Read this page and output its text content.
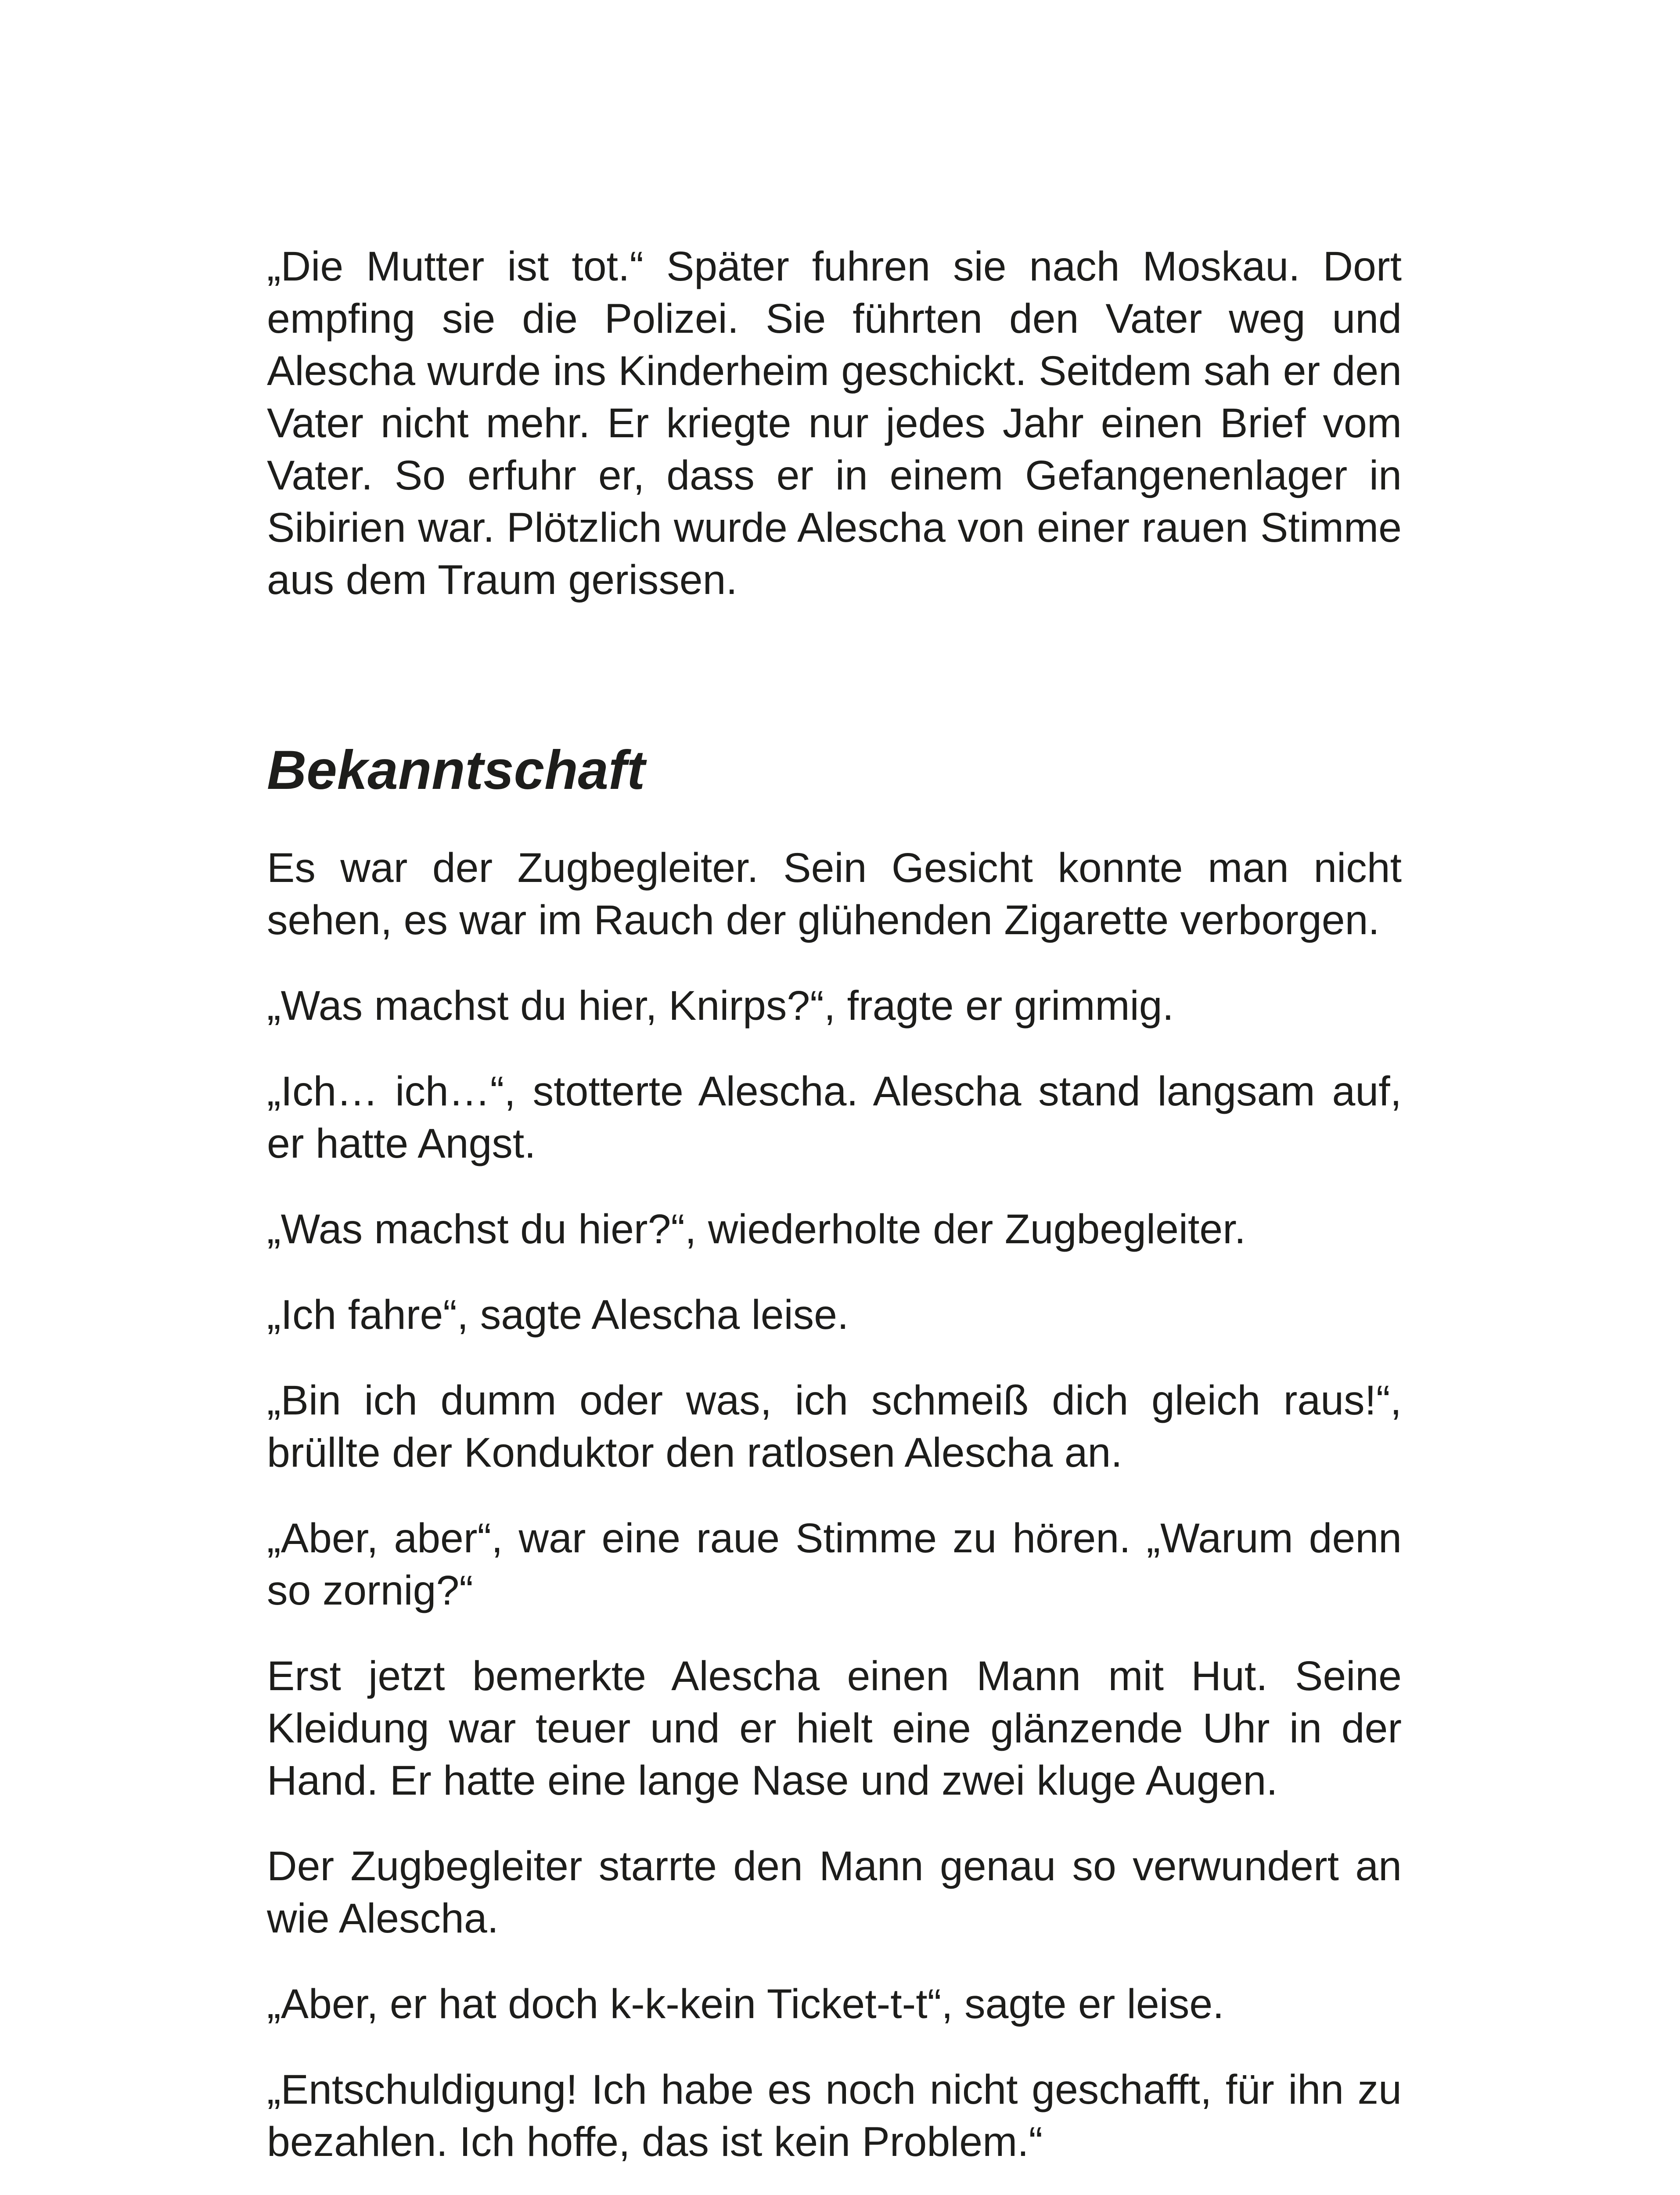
„Die Mutter ist tot.“ Später fuhren sie nach Moskau. Dort empfing sie die Polizei. Sie führten den Vater weg und Alescha wurde ins Kinderheim geschickt. Seitdem sah er den Vater nicht mehr. Er kriegte nur jedes Jahr einen Brief vom Vater. So erfuhr er, dass er in einem Gefangenenlager in Sibirien war. Plötzlich wurde Alescha von einer rauen Stimme aus dem Traum gerissen.

Bekanntschaft

Es war der Zugbegleiter. Sein Gesicht konnte man nicht sehen, es war im Rauch der glühenden Zigarette verborgen.

„Was machst du hier, Knirps?“, fragte er grimmig.

„Ich… ich…“, stotterte Alescha. Alescha stand langsam auf, er hatte Angst.

„Was machst du hier?“, wiederholte der Zugbegleiter.

„Ich fahre“, sagte Alescha leise.

„Bin ich dumm oder was, ich schmeiß dich gleich raus!“, brüllte der Konduktor den ratlosen Alescha an.

„Aber, aber“, war eine raue Stimme zu hören. „Warum denn so zornig?“

Erst jetzt bemerkte Alescha einen Mann mit Hut. Seine Kleidung war teuer und er hielt eine glänzende Uhr in der Hand. Er hatte eine lange Nase und zwei kluge Augen.

Der Zugbegleiter starrte den Mann genau so verwundert an wie Alescha.

„Aber, er hat doch k-k-kein Ticket-t-t“, sagte er leise.

„Entschuldigung! Ich habe es noch nicht geschafft, für ihn zu bezahlen. Ich hoffe, das ist kein Problem.“
